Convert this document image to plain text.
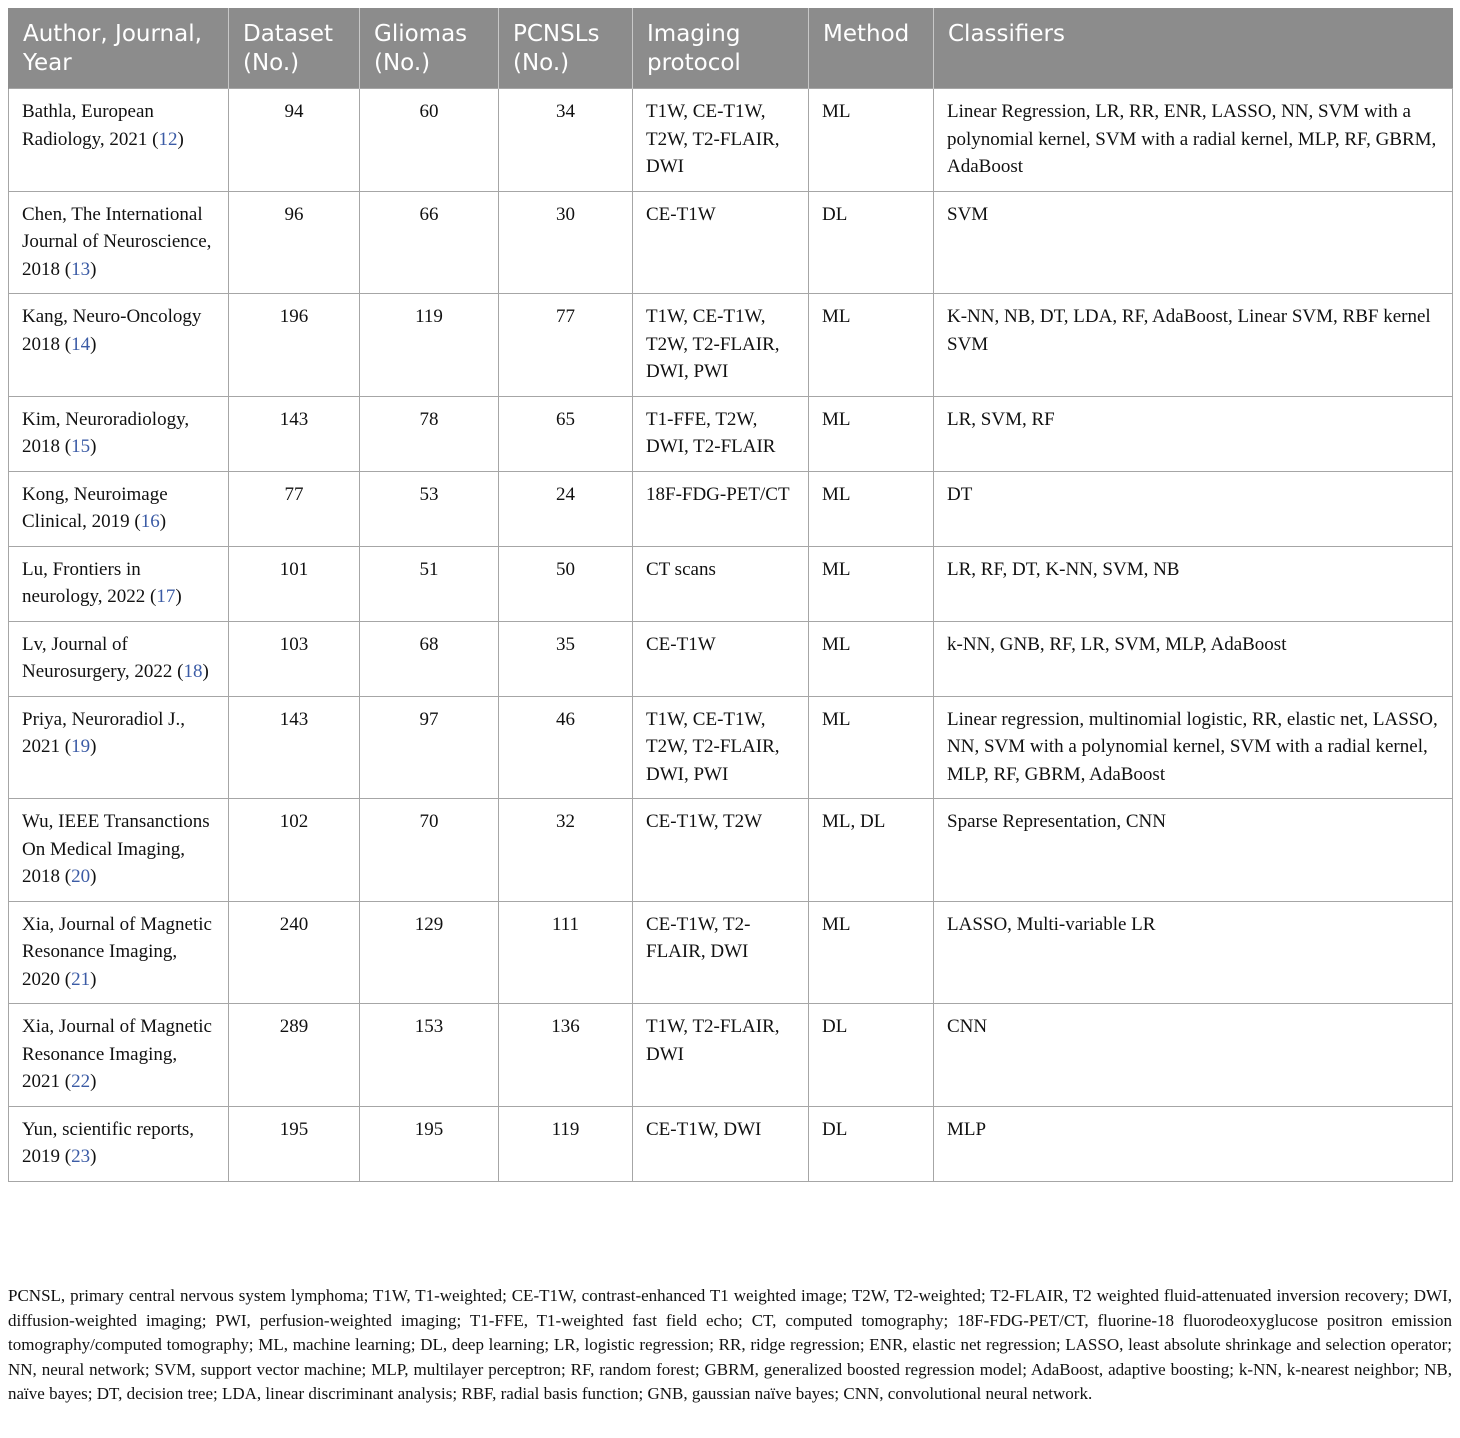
Author, Journal, Year	Dataset (No.)	Gliomas (No.)	PCNSLs (No.)	Imaging protocol	Method	Classifiers
Bathla, European Radiology, 2021 (12)	94	60	34	T1W, CE-T1W, T2W, T2-FLAIR, DWI	ML	Linear Regression, LR, RR, ENR, LASSO, NN, SVM with a polynomial kernel, SVM with a radial kernel, MLP, RF, GBRM, AdaBoost
Chen, The International Journal of Neuroscience, 2018 (13)	96	66	30	CE-T1W	DL	SVM
Kang, Neuro-Oncology 2018 (14)	196	119	77	T1W, CE-T1W, T2W, T2-FLAIR, DWI, PWI	ML	K-NN, NB, DT, LDA, RF, AdaBoost, Linear SVM, RBF kernel SVM
Kim, Neuroradiology, 2018 (15)	143	78	65	T1-FFE, T2W, DWI, T2-FLAIR	ML	LR, SVM, RF
Kong, Neuroimage Clinical, 2019 (16)	77	53	24	18F-FDG-PET/CT	ML	DT
Lu, Frontiers in neurology, 2022 (17)	101	51	50	CT scans	ML	LR, RF, DT, K-NN, SVM, NB
Lv, Journal of Neurosurgery, 2022 (18)	103	68	35	CE-T1W	ML	k-NN, GNB, RF, LR, SVM, MLP, AdaBoost
Priya, Neuroradiol J., 2021 (19)	143	97	46	T1W, CE-T1W, T2W, T2-FLAIR, DWI, PWI	ML	Linear regression, multinomial logistic, RR, elastic net, LASSO, NN, SVM with a polynomial kernel, SVM with a radial kernel, MLP, RF, GBRM, AdaBoost
Wu, IEEE Transanctions On Medical Imaging, 2018 (20)	102	70	32	CE-T1W, T2W	ML, DL	Sparse Representation, CNN
Xia, Journal of Magnetic Resonance Imaging, 2020 (21)	240	129	111	CE-T1W, T2-FLAIR, DWI	ML	LASSO, Multi-variable LR
Xia, Journal of Magnetic Resonance Imaging, 2021 (22)	289	153	136	T1W, T2-FLAIR, DWI	DL	CNN
Yun, scientific reports, 2019 (23)	195	195	119	CE-T1W, DWI	DL	MLP
PCNSL, primary central nervous system lymphoma; T1W, T1-weighted; CE-T1W, contrast-enhanced T1 weighted image; T2W, T2-weighted; T2-FLAIR, T2 weighted fluid-attenuated inversion recovery; DWI, diffusion-weighted imaging; PWI, perfusion-weighted imaging; T1-FFE, T1-weighted fast field echo; CT, computed tomography; 18F-FDG-PET/CT, fluorine-18 fluorodeoxyglucose positron emission tomography/computed tomography; ML, machine learning; DL, deep learning; LR, logistic regression; RR, ridge regression; ENR, elastic net regression; LASSO, least absolute shrinkage and selection operator; NN, neural network; SVM, support vector machine; MLP, multilayer perceptron; RF, random forest; GBRM, generalized boosted regression model; AdaBoost, adaptive boosting; k-NN, k-nearest neighbor; NB, naïve bayes; DT, decision tree; LDA, linear discriminant analysis; RBF, radial basis function; GNB, gaussian naïve bayes; CNN, convolutional neural network.
